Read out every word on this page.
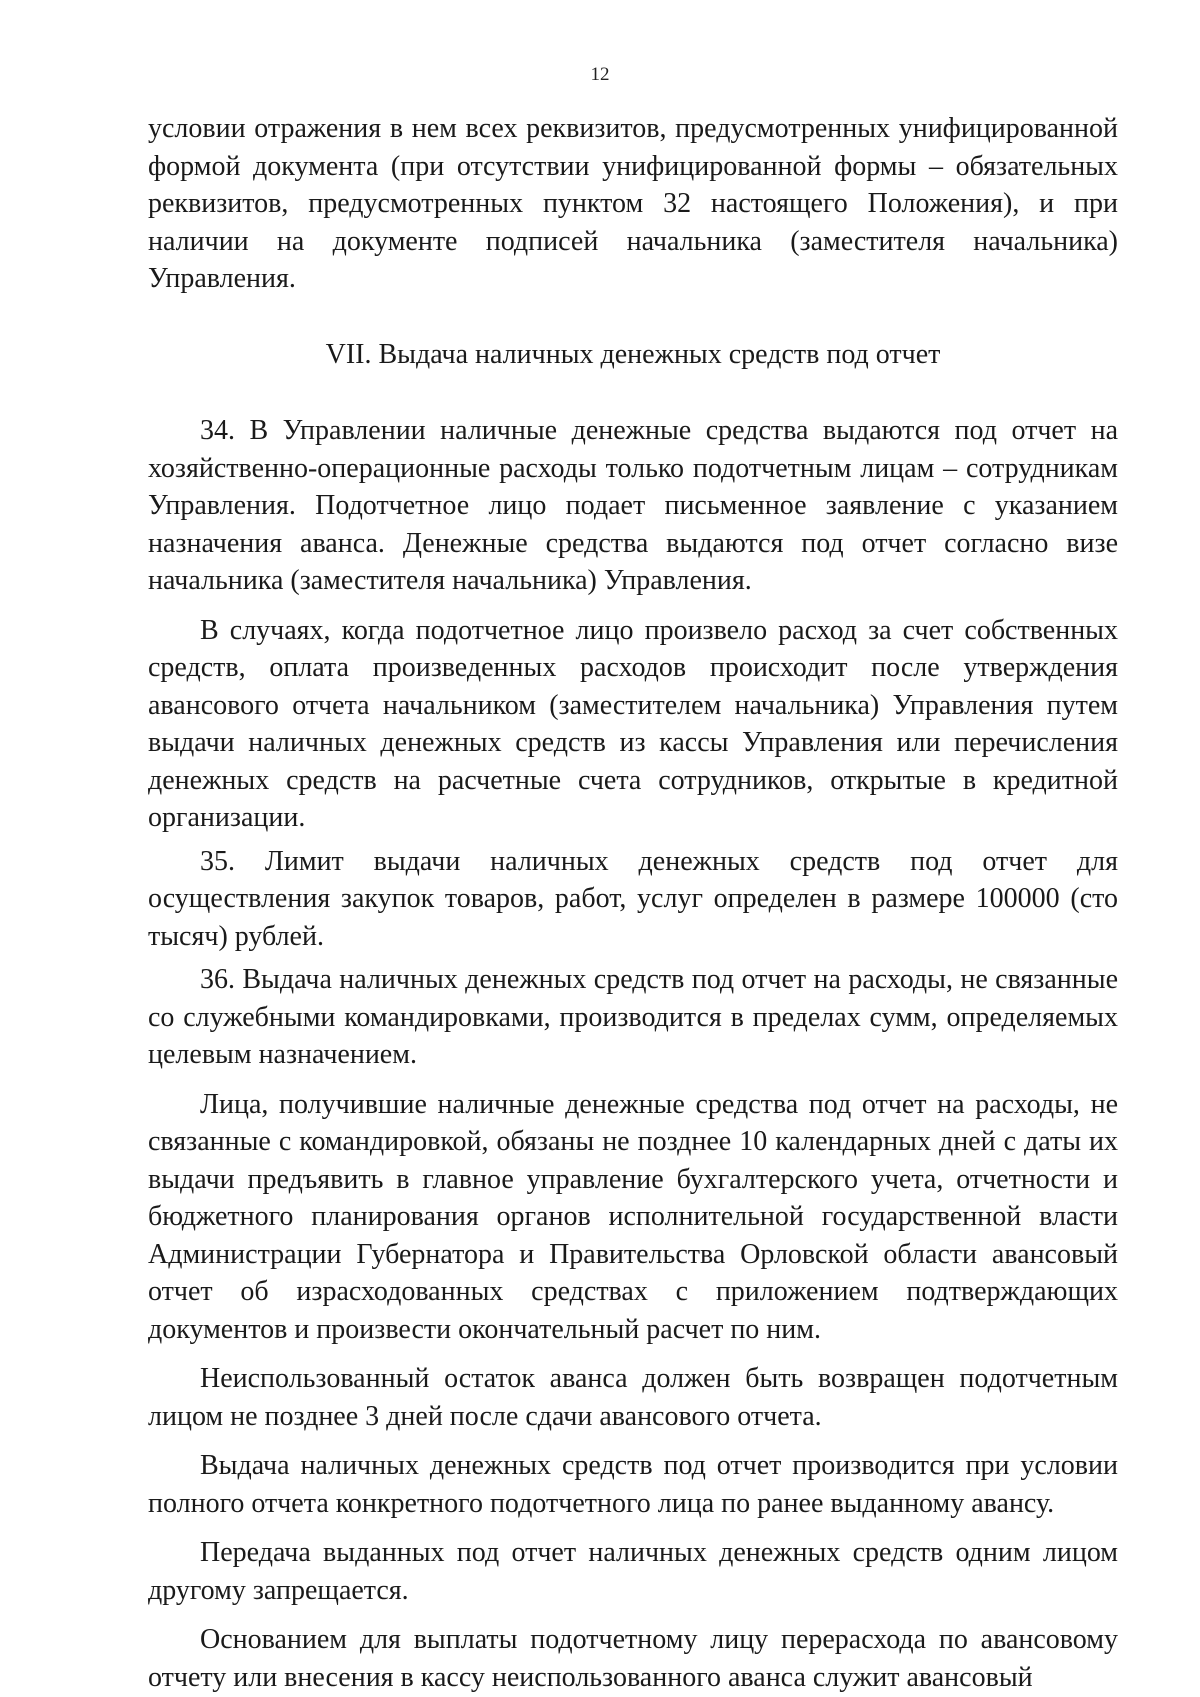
12

условии отражения в нем всех реквизитов, предусмотренных унифицированной формой документа (при отсутствии унифицированной формы – обязательных реквизитов, предусмотренных пунктом 32 настоящего Положения), и при наличии на документе подписей начальника (заместителя начальника) Управления.

VII. Выдача наличных денежных средств под отчет

34. В Управлении наличные денежные средства выдаются под отчет на хозяйственно-операционные расходы только подотчетным лицам – сотрудникам Управления. Подотчетное лицо подает письменное заявление с указанием назначения аванса. Денежные средства выдаются под отчет согласно визе начальника (заместителя начальника) Управления.

В случаях, когда подотчетное лицо произвело расход за счет собственных средств, оплата произведенных расходов происходит после утверждения авансового отчета начальником (заместителем начальника) Управления путем выдачи наличных денежных средств из кассы Управления или перечисления денежных средств на расчетные счета сотрудников, открытые в кредитной организации.

35. Лимит выдачи наличных денежных средств под отчет для осуществления закупок товаров, работ, услуг определен в размере 100000 (сто тысяч) рублей.

36. Выдача наличных денежных средств под отчет на расходы, не связанные со служебными командировками, производится в пределах сумм, определяемых целевым назначением.

Лица, получившие наличные денежные средства под отчет на расходы, не связанные с командировкой, обязаны не позднее 10 календарных дней с даты их выдачи предъявить в главное управление бухгалтерского учета, отчетности и бюджетного планирования органов исполнительной государственной власти Администрации Губернатора и Правительства Орловской области авансовый отчет об израсходованных средствах с приложением подтверждающих документов и произвести окончательный расчет по ним.

Неиспользованный остаток аванса должен быть возвращен подотчетным лицом не позднее 3 дней после сдачи авансового отчета.

Выдача наличных денежных средств под отчет производится при условии полного отчета конкретного подотчетного лица по ранее выданному авансу.

Передача выданных под отчет наличных денежных средств одним лицом другому запрещается.

Основанием для выплаты подотчетному лицу перерасхода по авансовому отчету или внесения в кассу неиспользованного аванса служит авансовый
